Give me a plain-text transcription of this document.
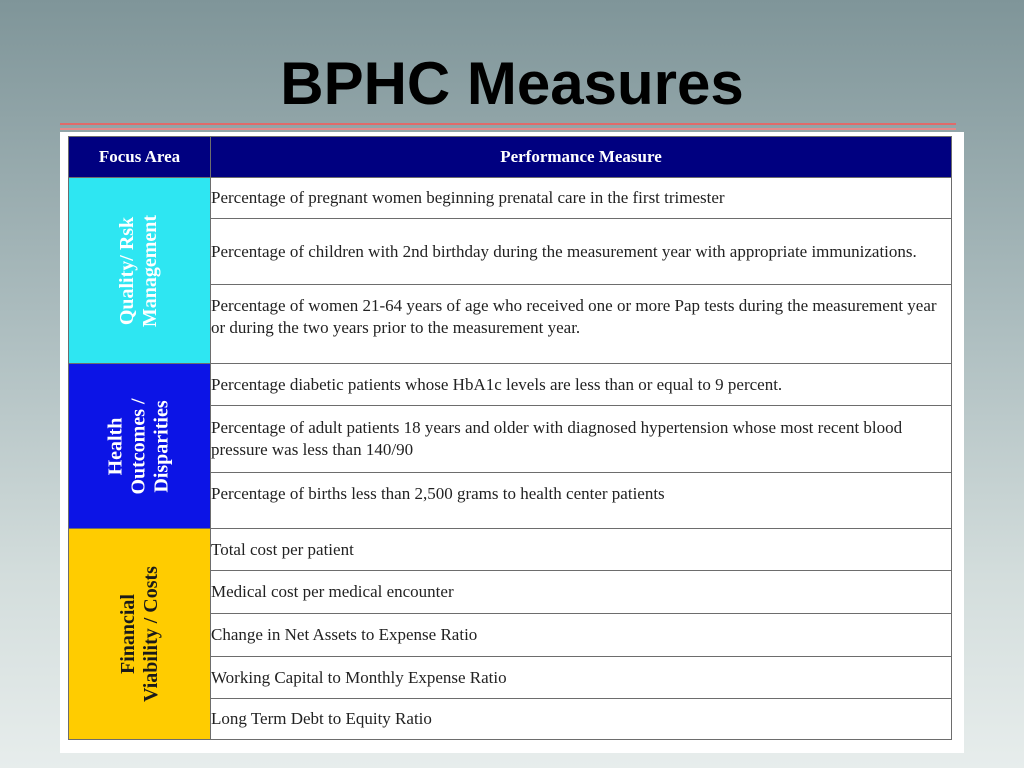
BPHC Measures
Focus Area	Performance Measure

Quality/ Rsk Management	Percentage of pregnant women beginning prenatal care in the first trimester
	Percentage of children with 2nd birthday during the measurement year with appropriate immunizations.
	Percentage of women 21-64 years of age who received one or more Pap tests during the measurement year or during the two years prior to the measurement year.

Health Outcomes / Disparities	Percentage diabetic patients whose HbA1c levels are less than or equal to 9 percent.
	Percentage of adult patients 18 years and older with diagnosed hypertension whose most recent blood pressure was less than 140/90
	Percentage of births less than 2,500 grams to health center patients

Financial Viability / Costs	Total cost per patient
	Medical cost per medical encounter
	Change in Net Assets to Expense Ratio
	Working Capital to Monthly Expense Ratio
	Long Term Debt to Equity Ratio
